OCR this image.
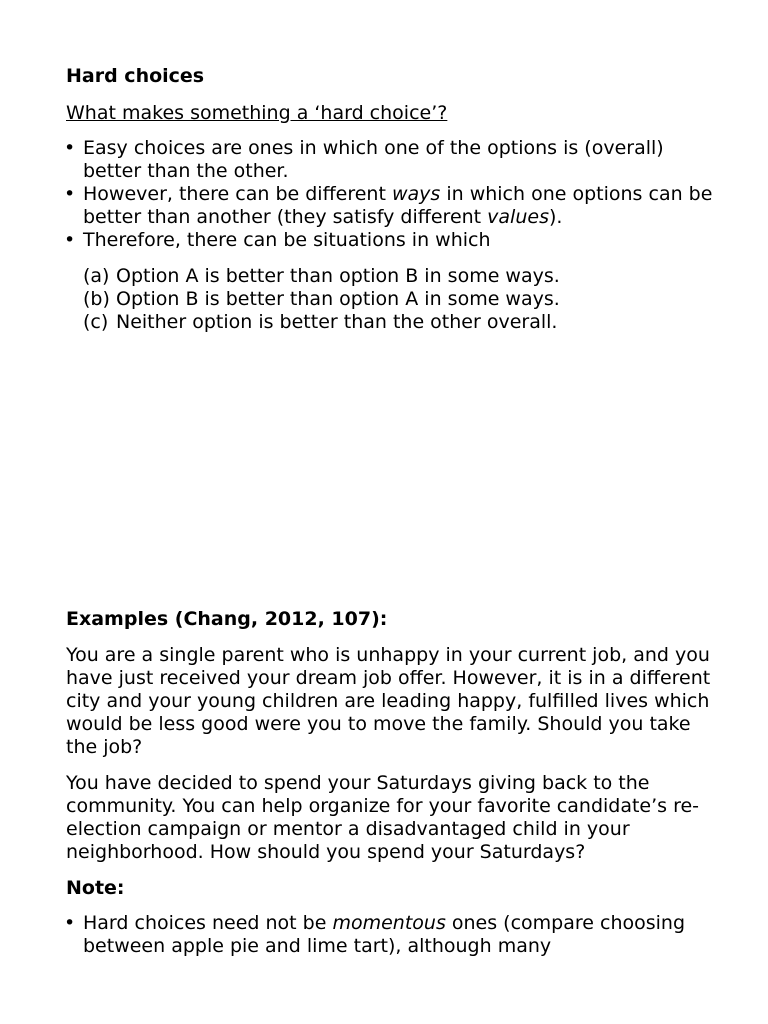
Hard choices

What makes something a ‘hard choice’?

• Easy choices are ones in which one of the options is (overall) better than the other.
• However, there can be different ways in which one options can be better than another (they satisfy different values).
• Therefore, there can be situations in which
(a) Option A is better than option B in some ways.
(b) Option B is better than option A in some ways.
(c) Neither option is better than the other overall.

Examples (Chang, 2012, 107):

You are a single parent who is unhappy in your current job, and you have just received your dream job offer. However, it is in a different city and your young children are leading happy, fulfilled lives which would be less good were you to move the family. Should you take the job?

You have decided to spend your Saturdays giving back to the community. You can help organize for your favorite candidate’s re-election campaign or mentor a disadvantaged child in your neighborhood. How should you spend your Saturdays?

Note:

• Hard choices need not be momentous ones (compare choosing between apple pie and lime tart), although many
